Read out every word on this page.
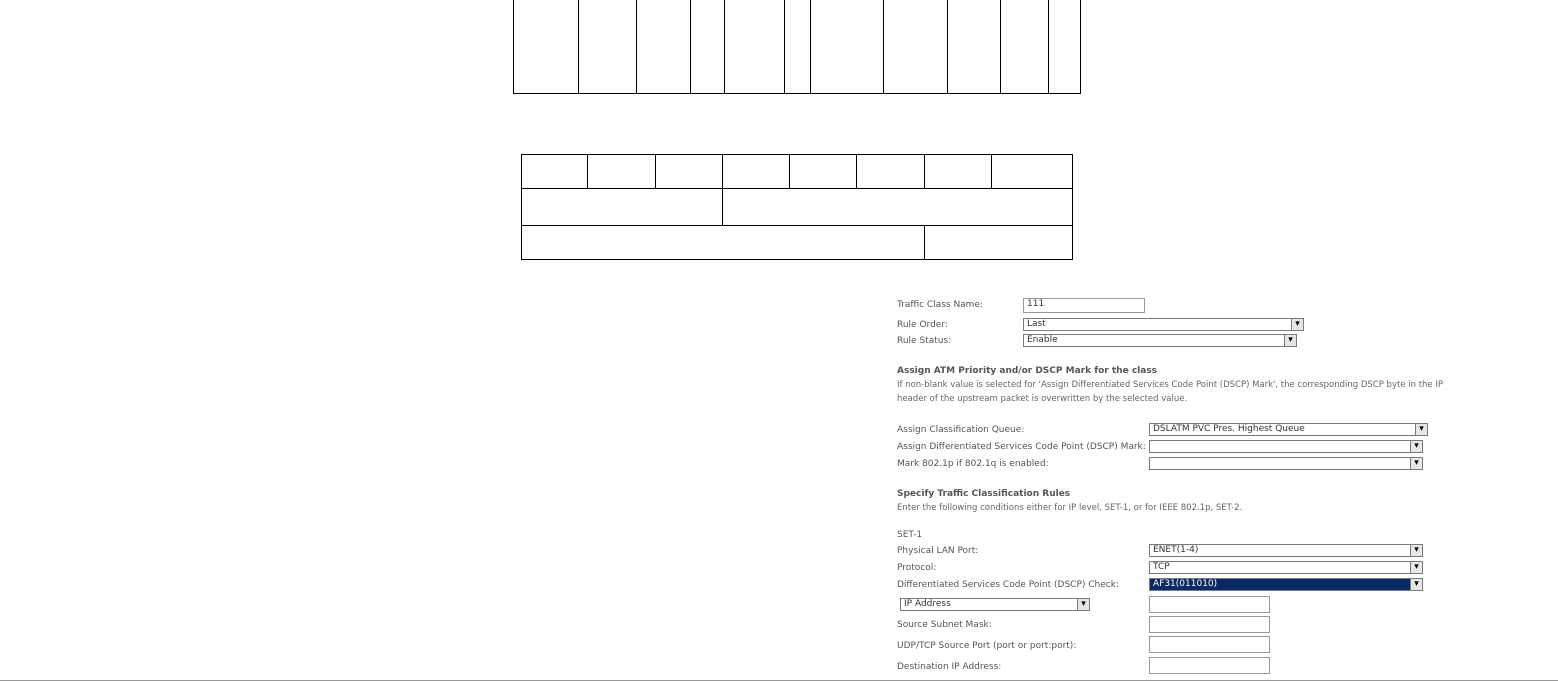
Traffic Class Name:	111
Rule Order:	Last ▾
Rule Status:	Enable ▾
Assign ATM Priority and/or DSCP Mark for the class
If non-blank value is selected for 'Assign Differentiated Services Code Point (DSCP) Mark', the corresponding DSCP byte in the IP
header of the upstream packet is overwritten by the selected value.
Assign Classification Queue:	DSLATM PVC Pres. Highest Queue ▾
Assign Differentiated Services Code Point (DSCP) Mark:
▾
Mark 802.1p if 802.1q is enabled:
▾
Specify Traffic Classification Rules
Enter the following conditions either for IP level, SET-1, or for IEEE 802.1p, SET-2.
SET-1
Physical LAN Port:	ENET(1-4) ▾
Protocol:	TCP ▾
Differentiated Services Code Point (DSCP) Check:	AF31(011010) ▾
IP Address ▾
Source Subnet Mask:
UDP/TCP Source Port (port or port:port):
Destination IP Address:
